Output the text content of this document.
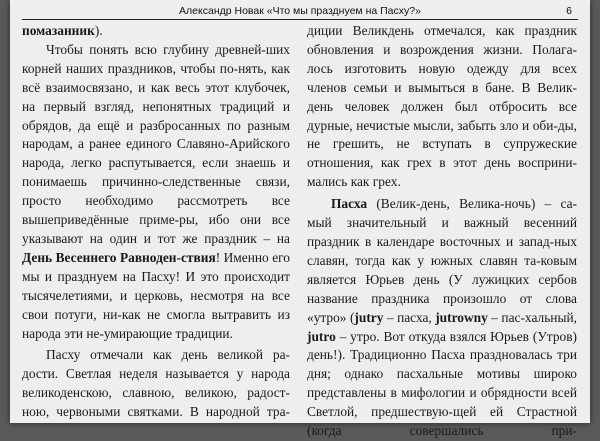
Александр Новак «Что мы празднуем на Пасху?»	6

помазанник).

Чтобы понять всю глубину древней-ших корней наших праздников, чтобы по-нять, как всё взаимосвязано, и как весь этот клубочек, на первый взгляд, непонятных традиций и обрядов, да ещё и разбросанных по разным народам, а ранее единого Славяно-Арийского народа, легко распутывается, если знаешь и понимаешь причинно-следственные связи, просто необходимо рассмотреть все вышеприведённые приме-ры, ибо они все указывают на один и тот же праздник – на День Весеннего Равноден-ствия! Именно его мы и празднуем на Пасху! И это происходит тысячелетиями, и церковь, несмотря на все свои потуги, ни-как не смогла вытравить из народа эти не-умирающие традиции.

Пасху отмечали как день великой ра-дости. Светлая неделя называется у народа великоденскою, славною, великою, радост-ною, червоными святками. В народной тра-

диции Великдень отмечался, как праздник обновления и возрождения жизни. Полага-лось изготовить новую одежду для всех членов семьи и вымыться в бане. В Велик-день человек должен был отбросить все дурные, нечистые мысли, забыть зло и оби-ды, не грешить, не вступать в супружеские отношения, как грех в этот день восприни-мались как грех.

Пасха (Велик-день, Велика-ночь) – са-мый значительный и важный весенний праздник в календаре восточных и запад-ных славян, тогда как у южных славян та-ковым является Юрьев день (У лужицких сербов название праздника произошло от слова «утро» (jutry – пасха, jutrowny – пас-хальный, jutro – утро. Вот откуда взялся Юрьев (Утров) день!). Традиционно Пасха праздновалась три дня; однако пасхальные мотивы широко представлены в мифологии и обрядности всей Светлой, предшествую-щей ей Страстной (когда совершались при-
